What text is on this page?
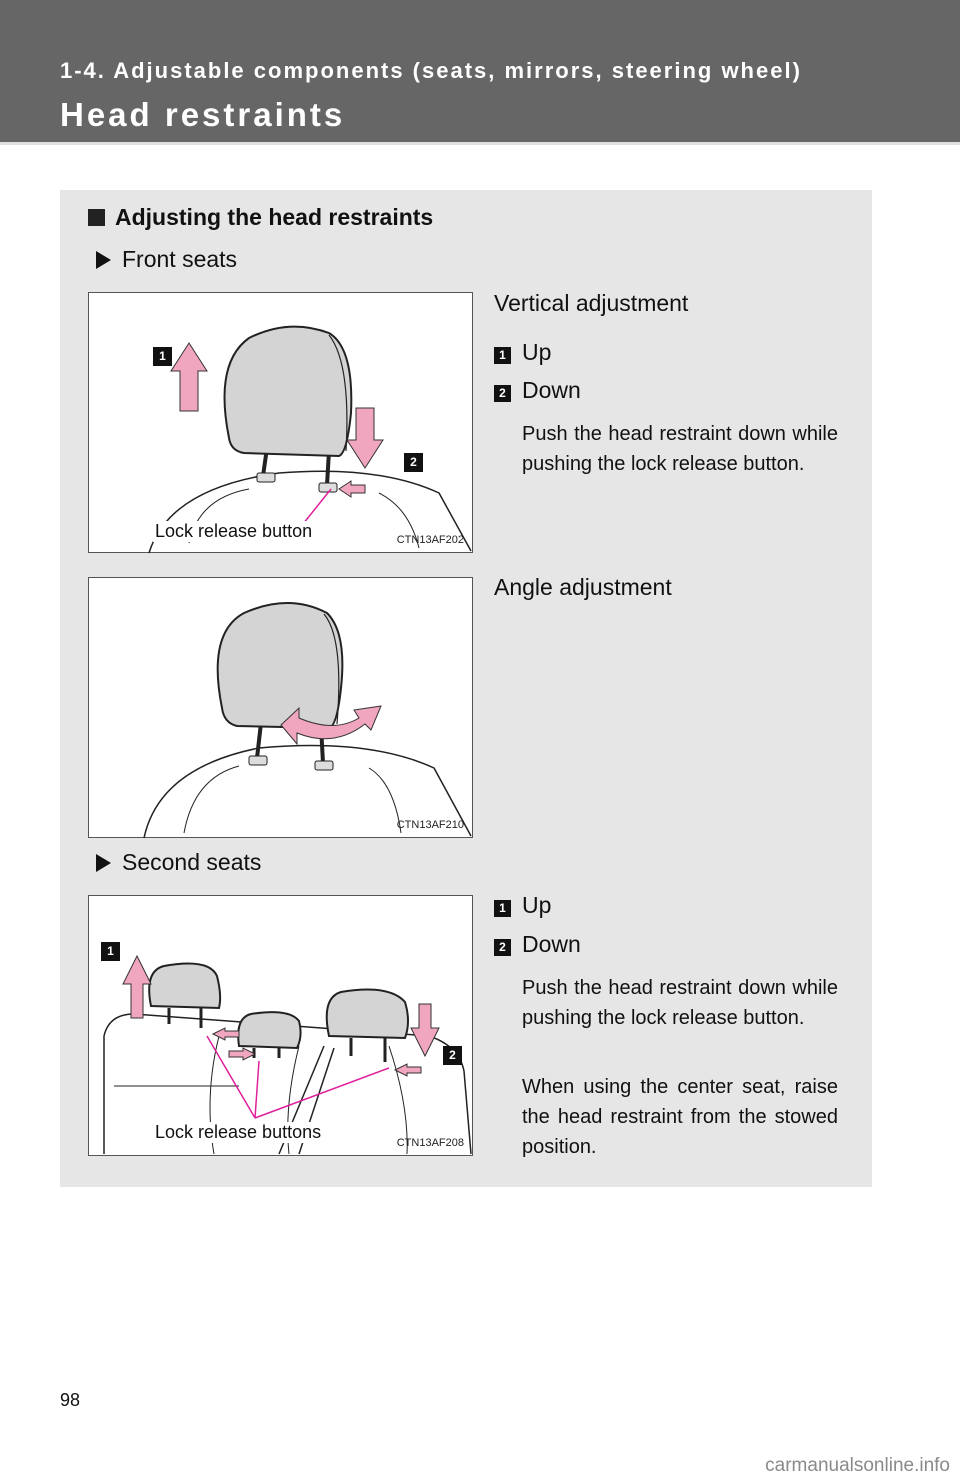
1-4. Adjustable components (seats, mirrors, steering wheel)
Head restraints
Adjusting the head restraints
Front seats
1
2
Lock release button	CTN13AF202
Vertical adjustment
1 Up
2 Down
Push the head restraint down while pushing the lock release button.
CTN13AF210
Angle adjustment
Second seats
1
2
Lock release buttons
CTN13AF208
1 Up
2 Down
Push the head restraint down while pushing the lock release button.
When using the center seat, raise the head restraint from the stowed position.
98
carmanualsonline.info
